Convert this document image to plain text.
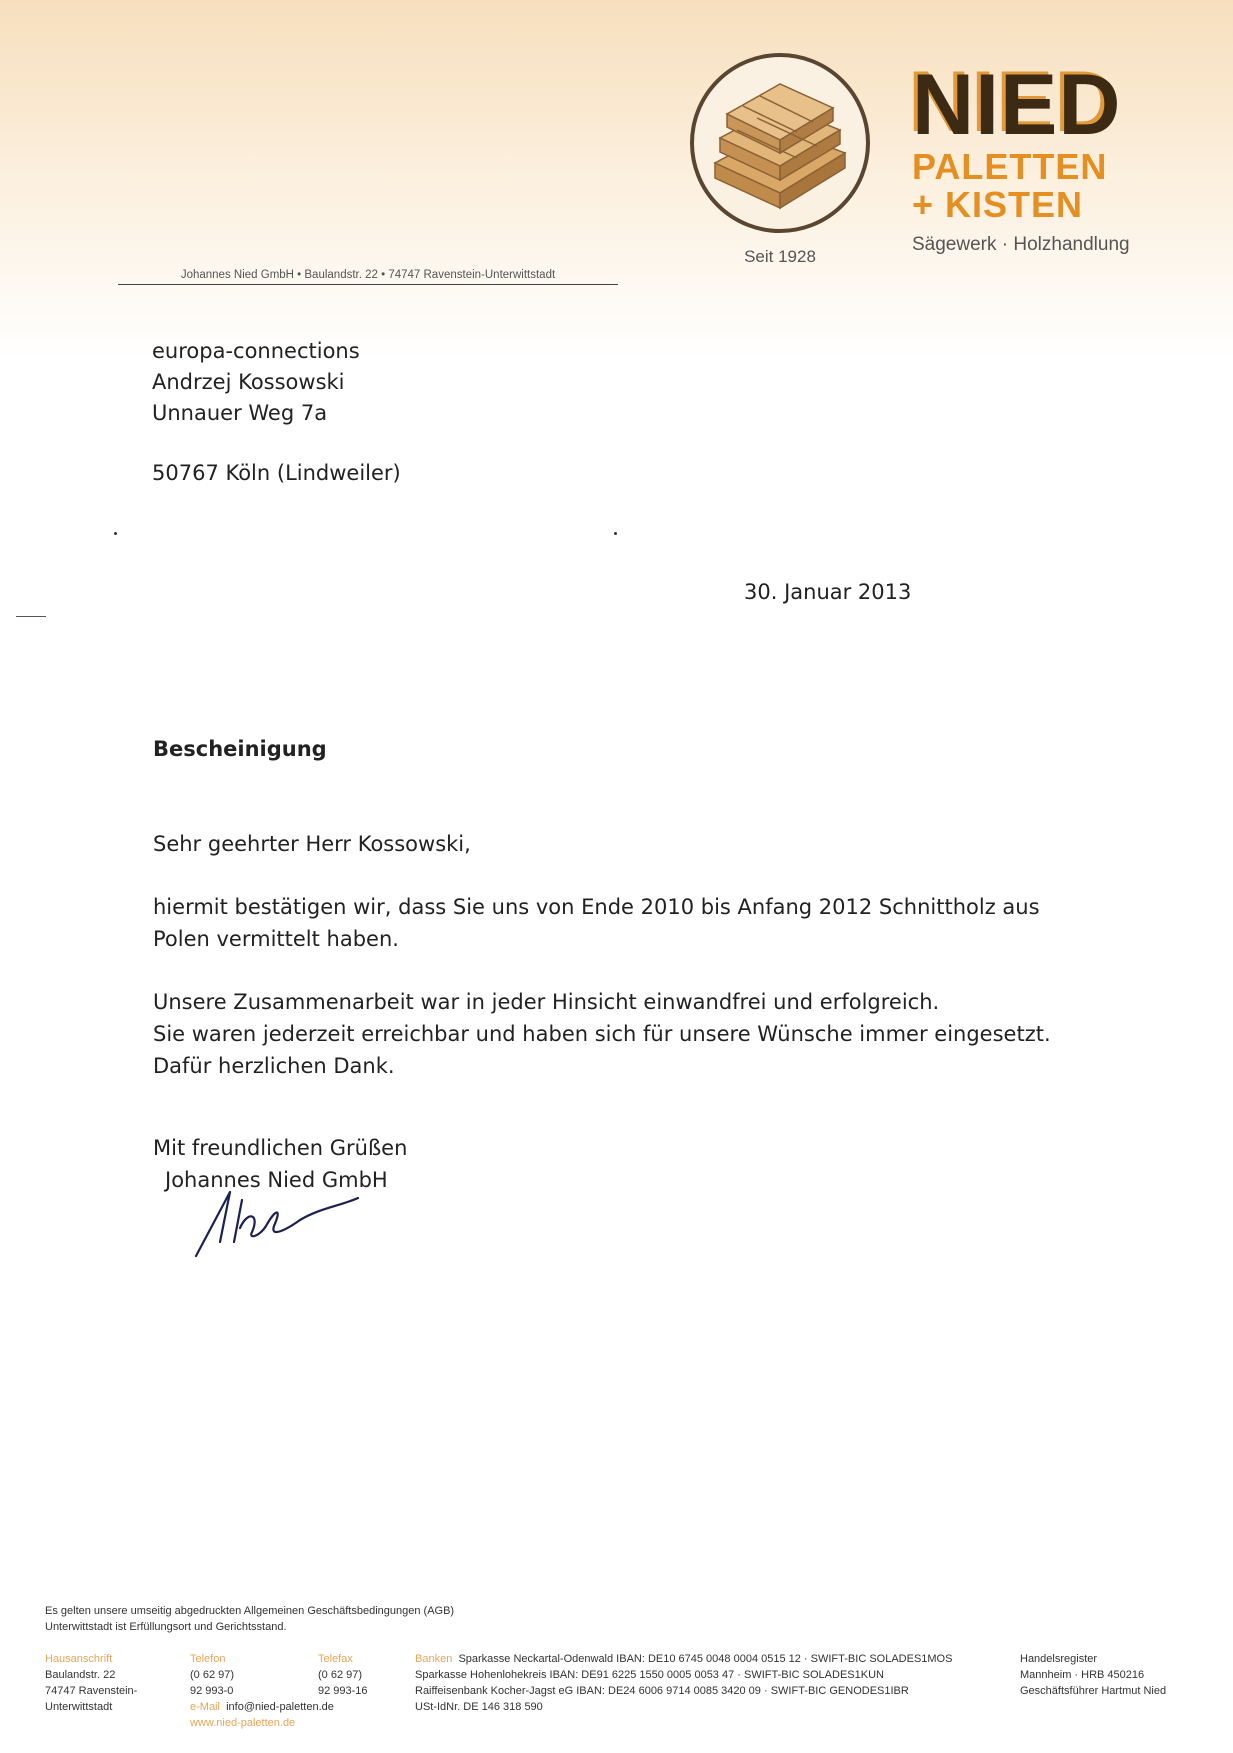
Johannes Nied GmbH • Baulandstr. 22 • 74747 Ravenstein-Unterwittstadt
Seit 1928
NIED
PALETTEN
+ KISTEN
Sägewerk · Holzhandlung
europa-connections
Andrzej Kossowski
Unnauer Weg 7a
50767 Köln (Lindweiler)
30. Januar 2013
Bescheinigung

Sehr geehrter Herr Kossowski,

hiermit bestätigen wir, dass Sie uns von Ende 2010 bis Anfang 2012 Schnittholz aus Polen vermittelt haben.

Unsere Zusammenarbeit war in jeder Hinsicht einwandfrei und erfolgreich.
Sie waren jederzeit erreichbar und haben sich für unsere Wünsche immer eingesetzt.
Dafür herzlichen Dank.

Mit freundlichen Grüßen
Johannes Nied GmbH
Es gelten unsere umseitig abgedruckten Allgemeinen Geschäftsbedingungen (AGB)
Unterwittstadt ist Erfüllungsort und Gerichtsstand.
Hausanschrift
Baulandstr. 22
74747 Ravenstein-
Unterwittstadt
Telefon
(0 62 97)
92 993-0
e-Mail info@nied-paletten.de
www.nied-paletten.de
Telefax
(0 62 97)
92 993-16
Banken Sparkasse Neckartal-Odenwald IBAN: DE10 6745 0048 0004 0515 12 · SWIFT-BIC SOLADES1MOS
Sparkasse Hohenlohekreis IBAN: DE91 6225 1550 0005 0053 47 · SWIFT-BIC SOLADES1KUN
Raiffeisenbank Kocher-Jagst eG IBAN: DE24 6006 9714 0085 3420 09 · SWIFT-BIC GENODES1IBR
USt-IdNr. DE 146 318 590
Handelsregister
Mannheim · HRB 450216
Geschäftsführer Hartmut Nied
